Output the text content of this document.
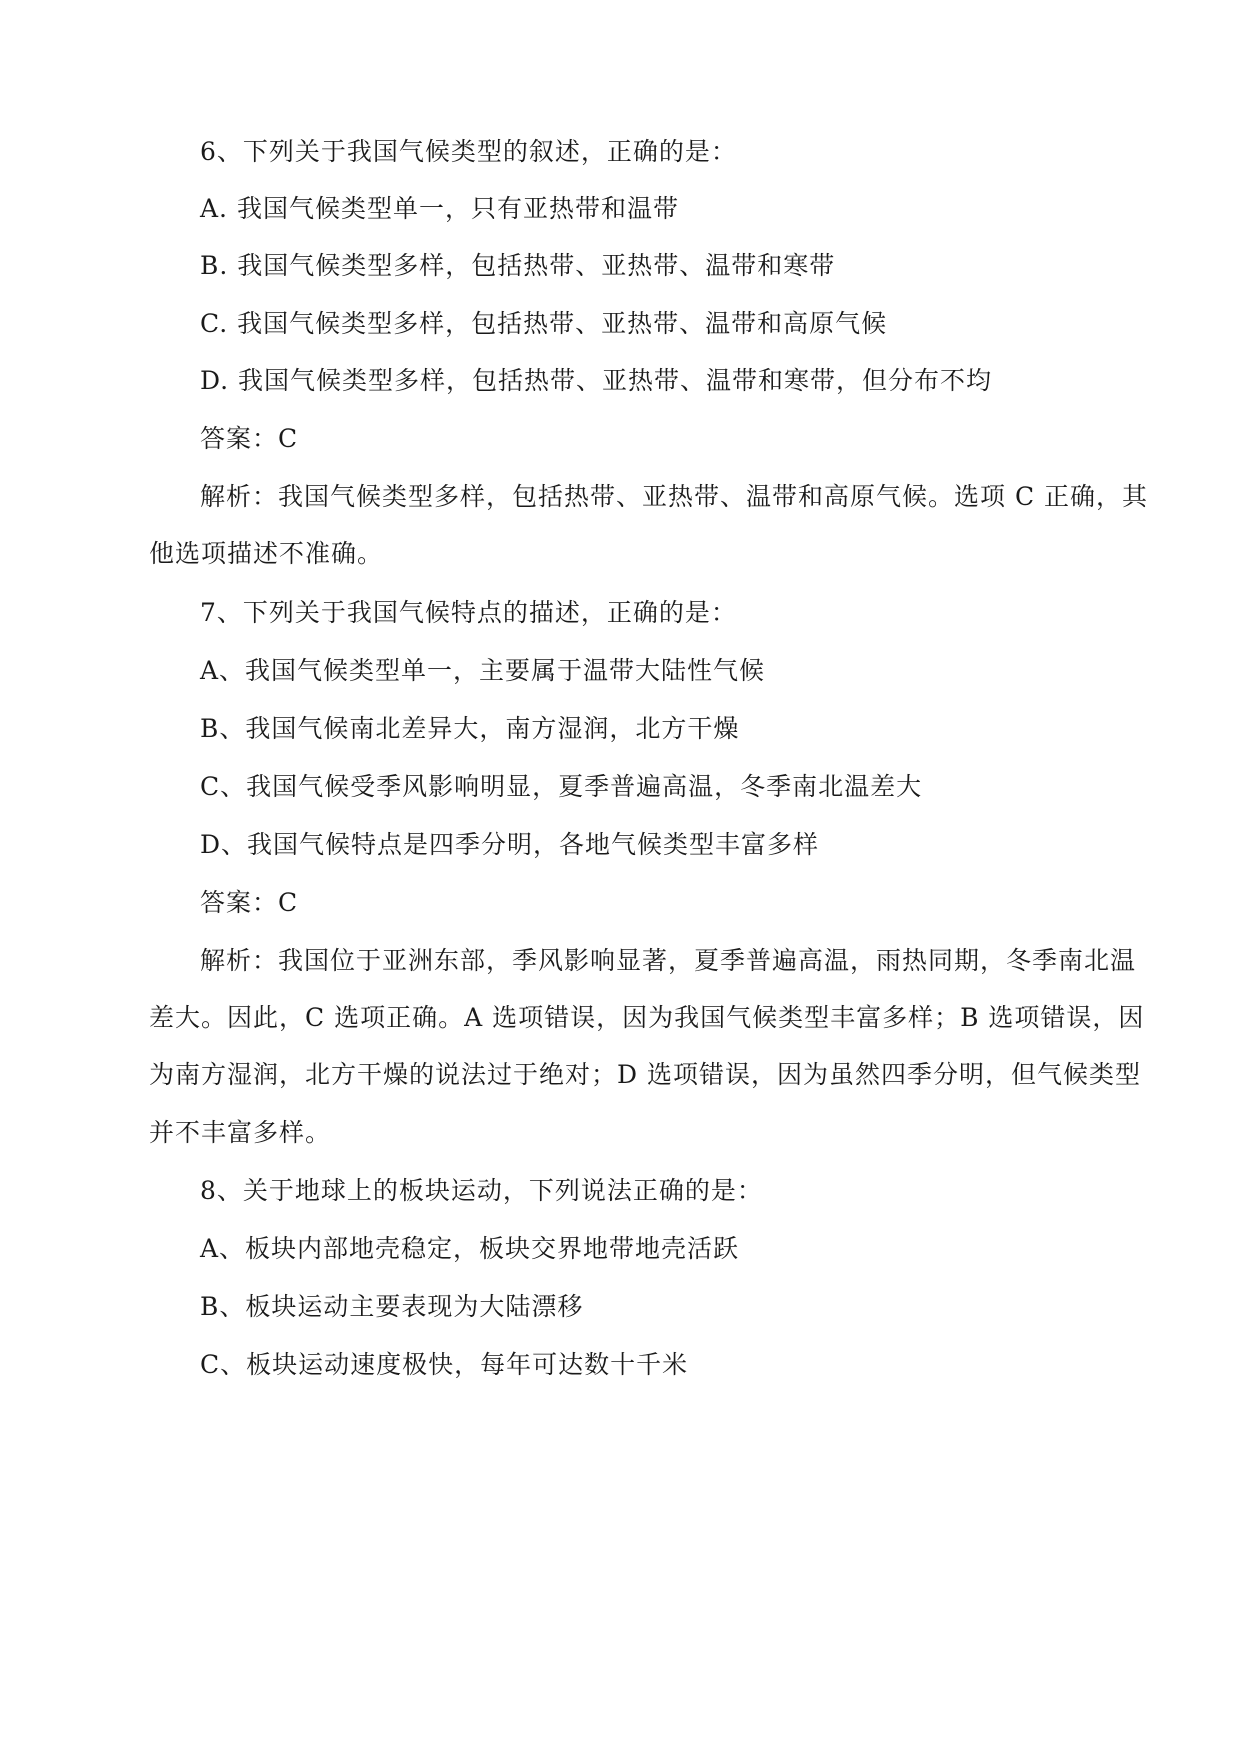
6、下列关于我国气候类型的叙述，正确的是：
A. 我国气候类型单一，只有亚热带和温带
B. 我国气候类型多样，包括热带、亚热带、温带和寒带
C. 我国气候类型多样，包括热带、亚热带、温带和高原气候
D. 我国气候类型多样，包括热带、亚热带、温带和寒带，但分布不均
答案：C
解析：我国气候类型多样，包括热带、亚热带、温带和高原气候。选项 C 正确，其
他选项描述不准确。
7、下列关于我国气候特点的描述，正确的是：
A、我国气候类型单一，主要属于温带大陆性气候
B、我国气候南北差异大，南方湿润，北方干燥
C、我国气候受季风影响明显，夏季普遍高温，冬季南北温差大
D、我国气候特点是四季分明，各地气候类型丰富多样
答案：C
解析：我国位于亚洲东部，季风影响显著，夏季普遍高温，雨热同期，冬季南北温
差大。因此，C 选项正确。A 选项错误，因为我国气候类型丰富多样；B 选项错误，因
为南方湿润，北方干燥的说法过于绝对；D 选项错误，因为虽然四季分明，但气候类型
并不丰富多样。
8、关于地球上的板块运动，下列说法正确的是：
A、板块内部地壳稳定，板块交界地带地壳活跃
B、板块运动主要表现为大陆漂移
C、板块运动速度极快，每年可达数十千米
